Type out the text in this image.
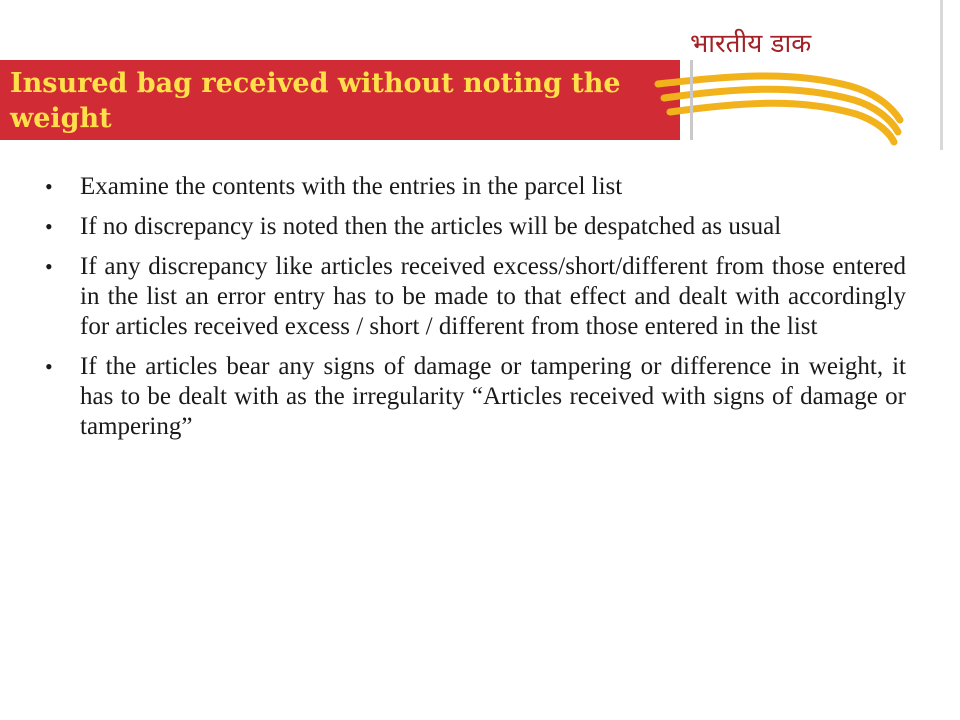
Insured bag received without noting the weight
भारतीय डाक
• Examine the contents with the entries in the parcel list
• If no discrepancy is noted then the articles will be despatched as usual
• If any discrepancy like articles received excess/short/different from those entered in the list an error entry has to be made to that effect and dealt with accordingly for articles received excess / short / different from those entered in the list
• If the articles bear any signs of damage or tampering or difference in weight, it has to be dealt with as the irregularity “Articles received with signs of damage or tampering”
